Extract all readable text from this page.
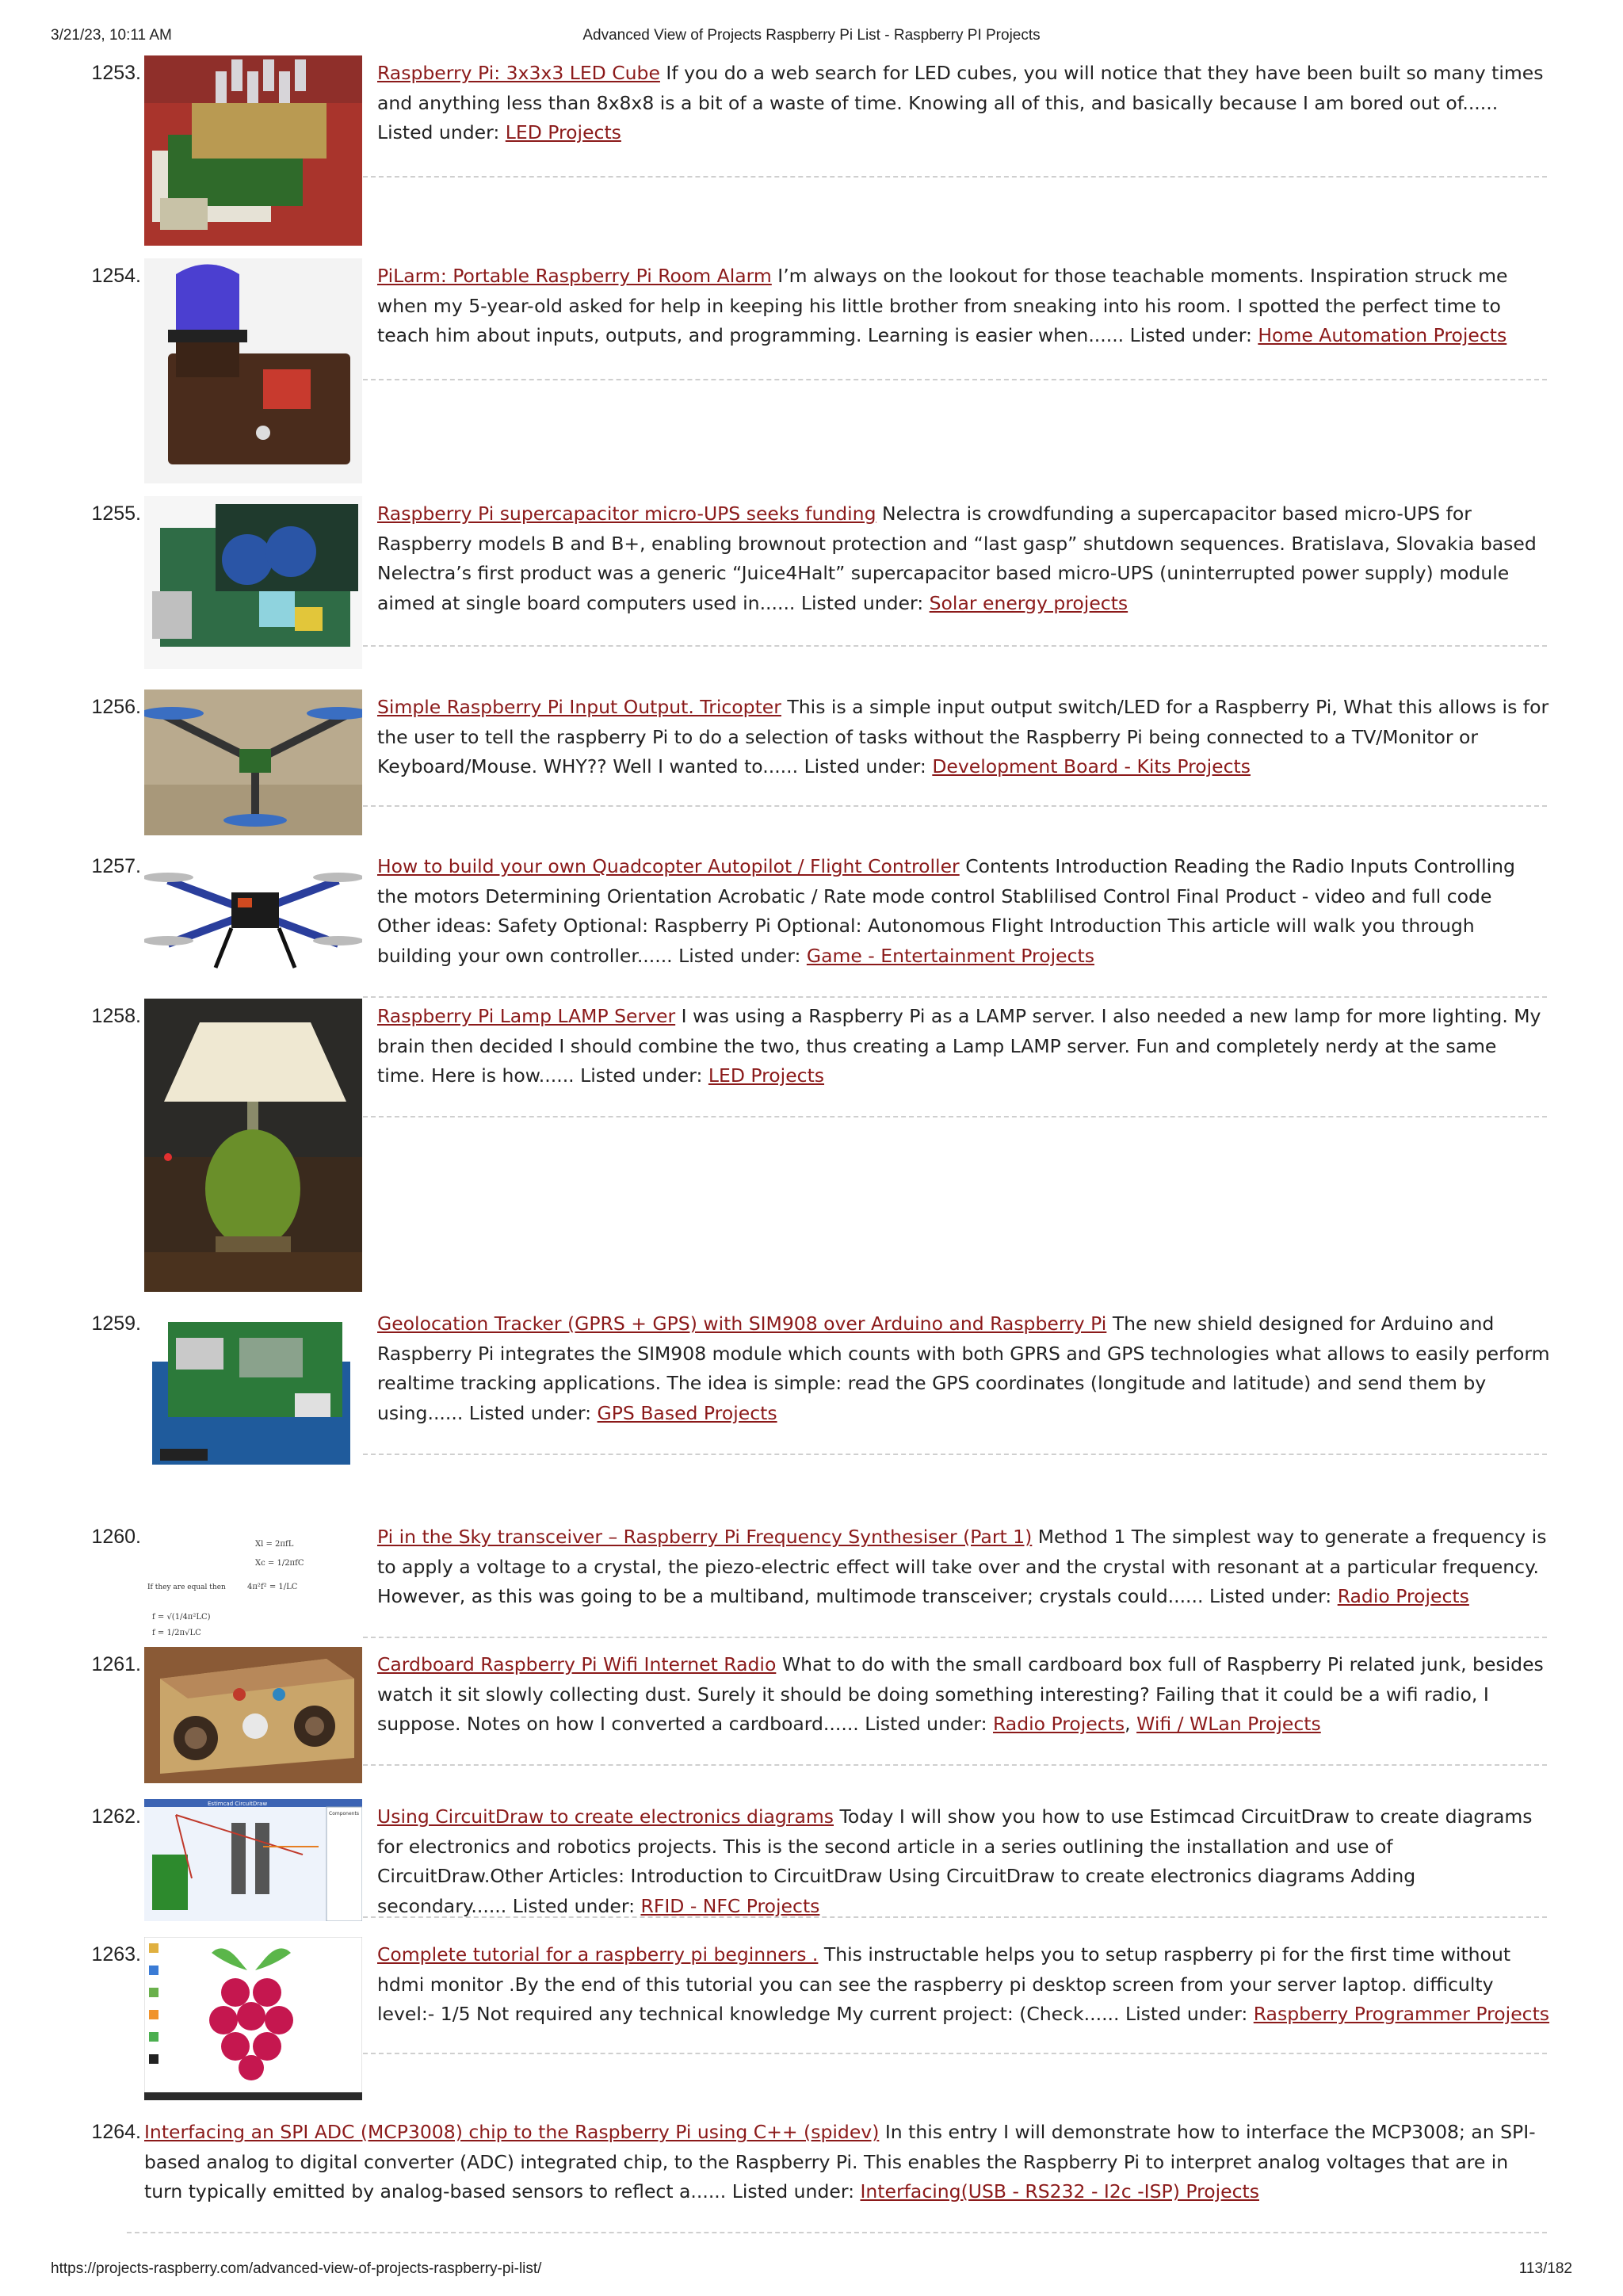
3/21/23, 10:11 AM	Advanced View of Projects Raspberry Pi List - Raspberry PI Projects
1253.	Raspberry Pi: 3x3x3 LED Cube If you do a web search for LED cubes, you will notice that they have been built so many times and anything less than 8x8x8 is a bit of a waste of time. Knowing all of this, and basically because I am bored out of...... Listed under: LED Projects
1254.	PiLarm: Portable Raspberry Pi Room Alarm I’m always on the lookout for those teachable moments. Inspiration struck me when my 5-year-old asked for help in keeping his little brother from sneaking into his room. I spotted the perfect time to teach him about inputs, outputs, and programming. Learning is easier when...... Listed under: Home Automation Projects
1255.	Raspberry Pi supercapacitor micro-UPS seeks funding Nelectra is crowdfunding a supercapacitor based micro-UPS for Raspberry models B and B+, enabling brownout protection and “last gasp” shutdown sequences. Bratislava, Slovakia based Nelectra’s first product was a generic “Juice4Halt” supercapacitor based micro-UPS (uninterrupted power supply) module aimed at single board computers used in...... Listed under: Solar energy projects
1256.	Simple Raspberry Pi Input Output. Tricopter This is a simple input output switch/LED for a Raspberry Pi, What this allows is for the user to tell the raspberry Pi to do a selection of tasks without the Raspberry Pi being connected to a TV/Monitor or Keyboard/Mouse. WHY?? Well I wanted to...... Listed under: Development Board - Kits Projects
1257.	How to build your own Quadcopter Autopilot / Flight Controller Contents Introduction Reading the Radio Inputs Controlling the motors Determining Orientation Acrobatic / Rate mode control Stablilised Control Final Product - video and full code Other ideas: Safety Optional: Raspberry Pi Optional: Autonomous Flight Introduction This article will walk you through building your own controller...... Listed under: Game - Entertainment Projects
1258.	Raspberry Pi Lamp LAMP Server I was using a Raspberry Pi as a LAMP server. I also needed a new lamp for more lighting. My brain then decided I should combine the two, thus creating a Lamp LAMP server. Fun and completely nerdy at the same time. Here is how...... Listed under: LED Projects
1259.	Geolocation Tracker (GPRS + GPS) with SIM908 over Arduino and Raspberry Pi The new shield designed for Arduino and Raspberry Pi integrates the SIM908 module which counts with both GPRS and GPS technologies what allows to easily perform realtime tracking applications. The idea is simple: read the GPS coordinates (longitude and latitude) and send them by using...... Listed under: GPS Based Projects
1260.	Xl = 2πfL
Xc = 1/2πfC
If they are equal then	4π²f² = 1/LC
f = √(1/4π²LC)
f = 1/2π√LC
Pi in the Sky transceiver – Raspberry Pi Frequency Synthesiser (Part 1) Method 1 The simplest way to generate a frequency is to apply a voltage to a crystal, the piezo-electric effect will take over and the crystal with resonant at a particular frequency. However, as this was going to be a multiband, multimode transceiver; crystals could...... Listed under: Radio Projects
1261.	Cardboard Raspberry Pi Wifi Internet Radio What to do with the small cardboard box full of Raspberry Pi related junk, besides watch it sit slowly collecting dust. Surely it should be doing something interesting? Failing that it could be a wifi radio, I suppose. Notes on how I converted a cardboard...... Listed under: Radio Projects, Wifi / WLan Projects
1262.
Estimcad CircuitDraw
Components Using CircuitDraw to create electronics diagrams Today I will show you how to use Estimcad CircuitDraw to create diagrams for electronics and robotics projects. This is the second article in a series outlining the installation and use of CircuitDraw.Other Articles: Introduction to CircuitDraw Using CircuitDraw to create electronics diagrams Adding secondary...... Listed under: RFID - NFC Projects
1263.	Complete tutorial for a raspberry pi beginners . This instructable helps you to setup raspberry pi for the first time without hdmi monitor .By the end of this tutorial you can see the raspberry pi desktop screen from your server laptop. difficulty level:- 1/5 Not required any technical knowledge My current project: (Check...... Listed under: Raspberry Programmer Projects
1264. Interfacing an SPI ADC (MCP3008) chip to the Raspberry Pi using C++ (spidev) In this entry I will demonstrate how to interface the MCP3008; an SPI-based analog to digital converter (ADC) integrated chip, to the Raspberry Pi. This enables the Raspberry Pi to interpret analog voltages that are in turn typically emitted by analog-based sensors to reflect a...... Listed under: Interfacing(USB - RS232 - I2c -ISP) Projects
https://projects-raspberry.com/advanced-view-of-projects-raspberry-pi-list/	113/182
